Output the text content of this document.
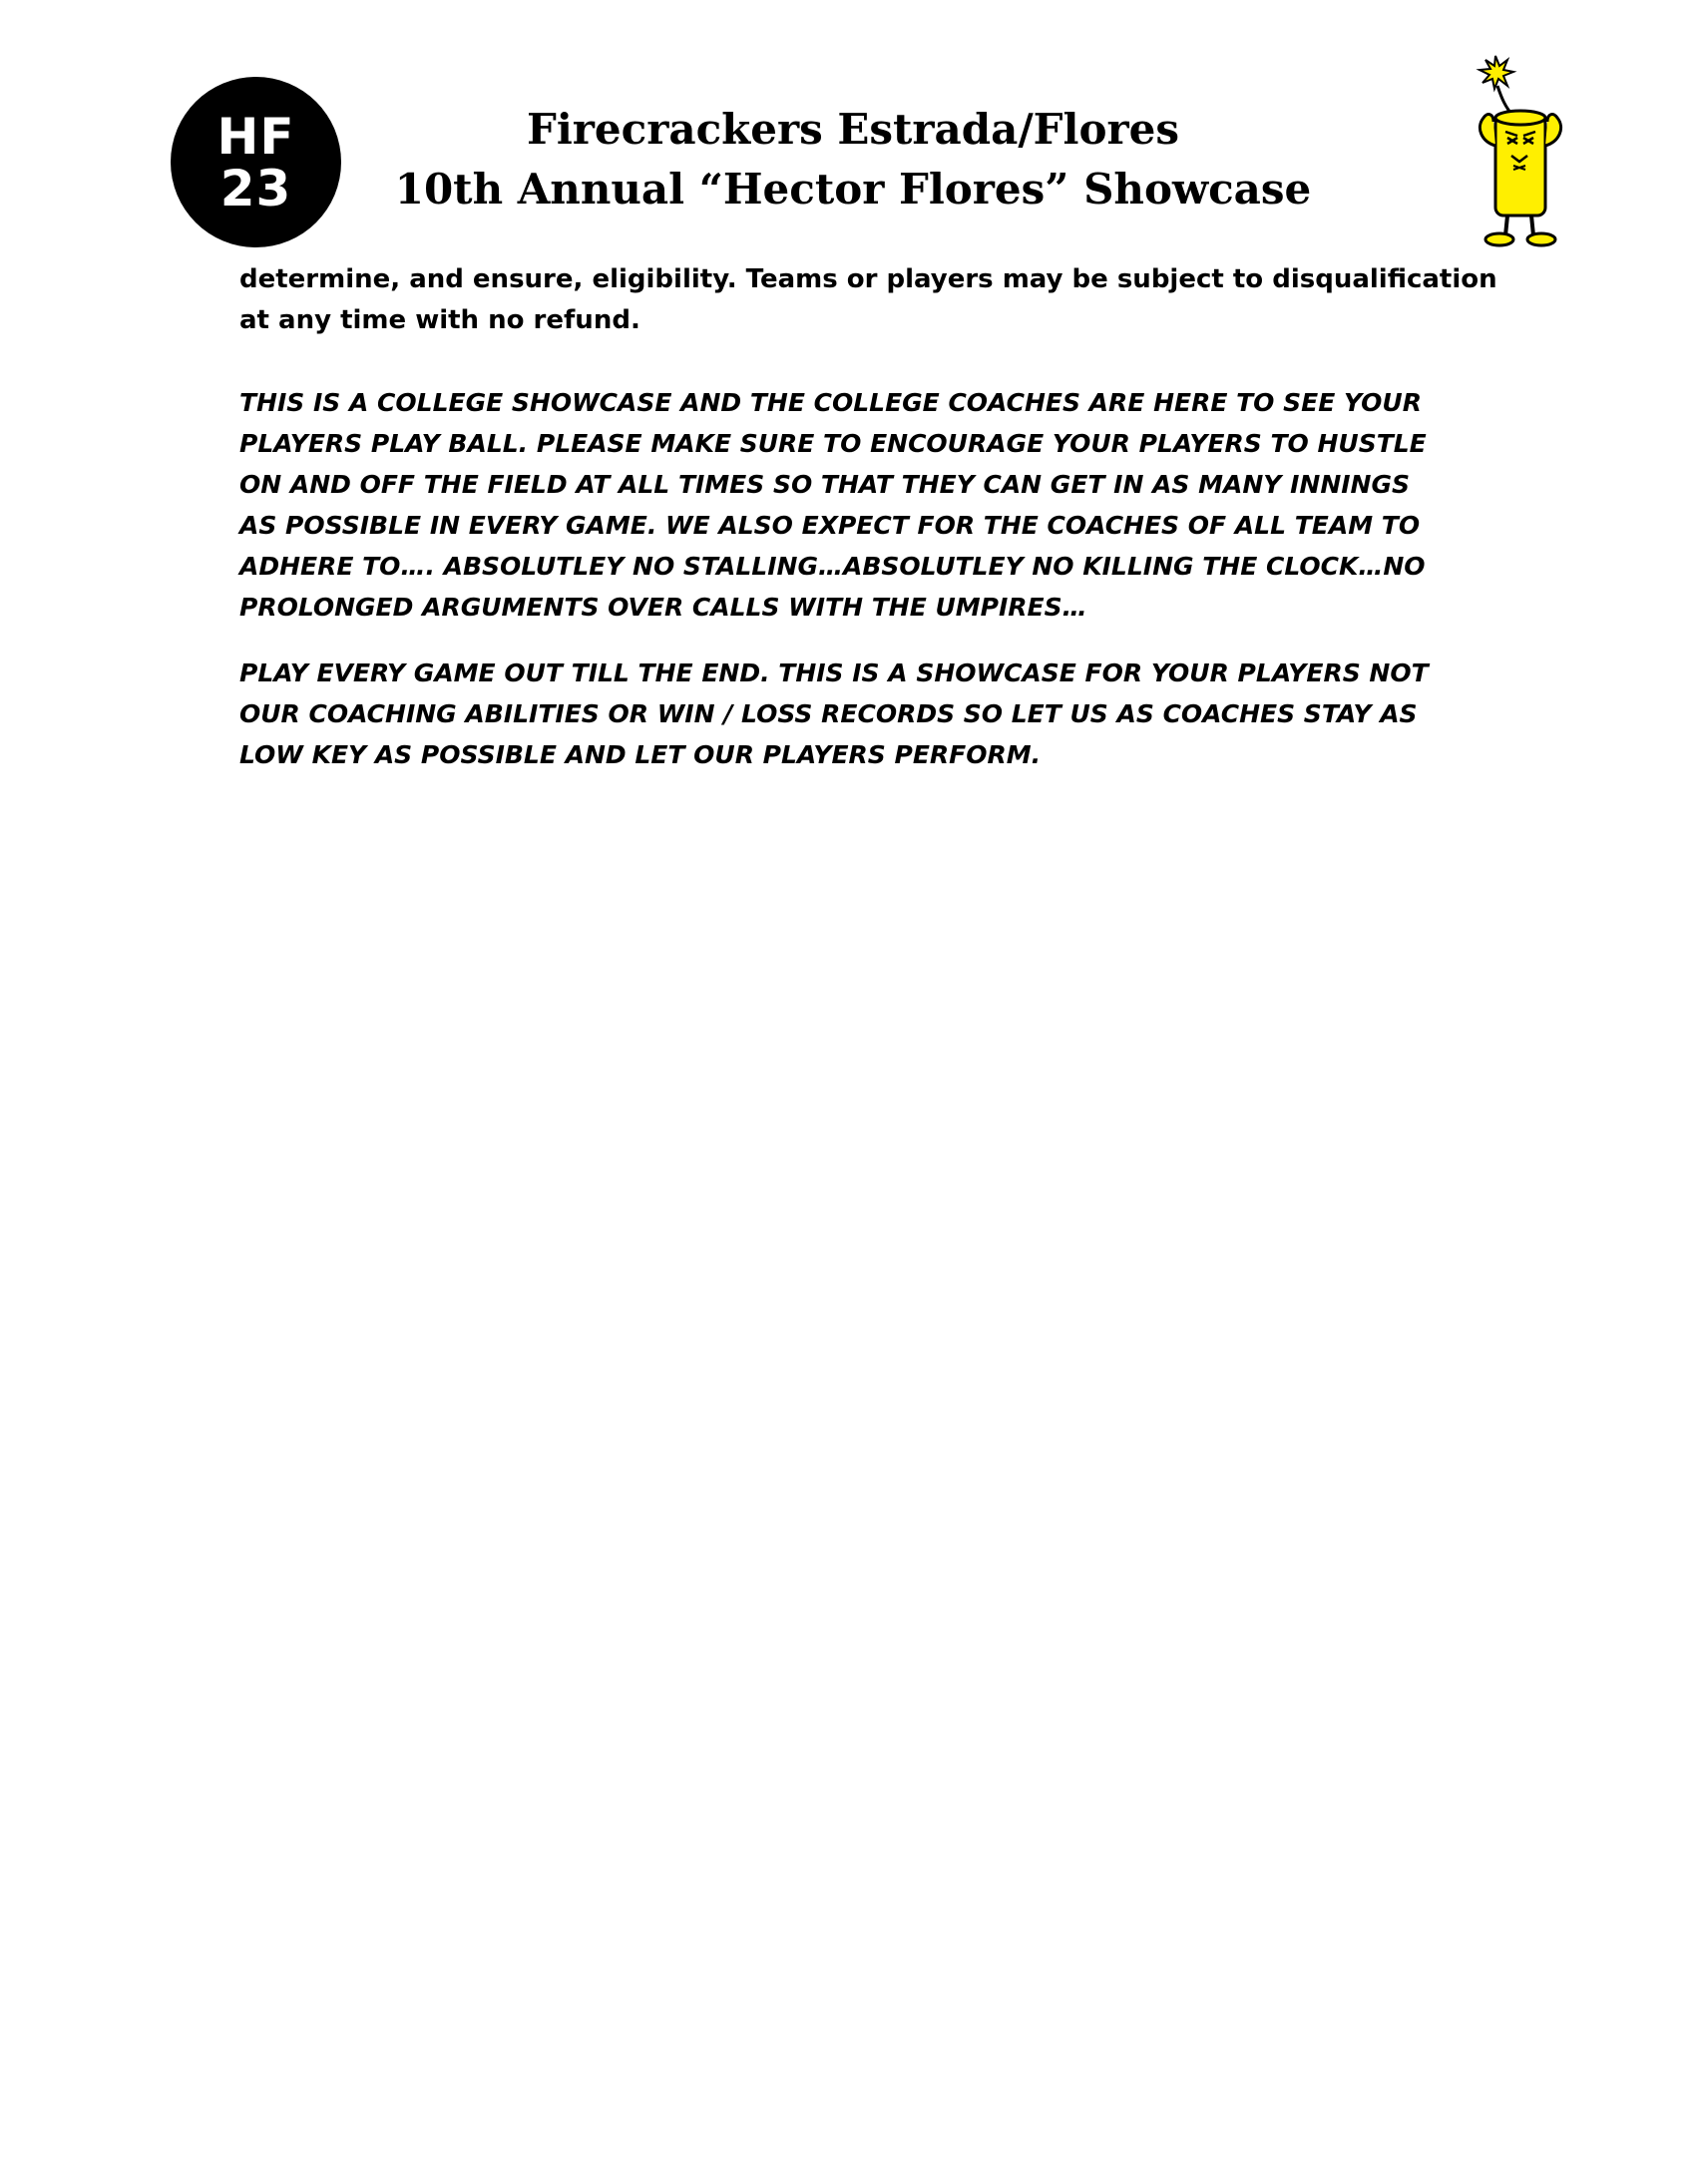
HF
23
Firecrackers Estrada/Flores
10th Annual “Hector Flores” Showcase

determine, and ensure, eligibility. Teams or players may be subject to disqualification

at any time with no refund.

THIS IS A COLLEGE SHOWCASE AND THE COLLEGE COACHES ARE HERE TO SEE YOUR

PLAYERS PLAY BALL. PLEASE MAKE SURE TO ENCOURAGE YOUR PLAYERS TO HUSTLE

ON AND OFF THE FIELD AT ALL TIMES SO THAT THEY CAN GET IN AS MANY INNINGS

AS POSSIBLE IN EVERY GAME. WE ALSO EXPECT FOR THE COACHES OF ALL TEAM TO

ADHERE TO…. ABSOLUTLEY NO STALLING…ABSOLUTLEY NO KILLING THE CLOCK…NO

PROLONGED ARGUMENTS OVER CALLS WITH THE UMPIRES…

PLAY EVERY GAME OUT TILL THE END. THIS IS A SHOWCASE FOR YOUR PLAYERS NOT

OUR COACHING ABILITIES OR WIN / LOSS RECORDS SO LET US AS COACHES STAY AS

LOW KEY AS POSSIBLE AND LET OUR PLAYERS PERFORM.
